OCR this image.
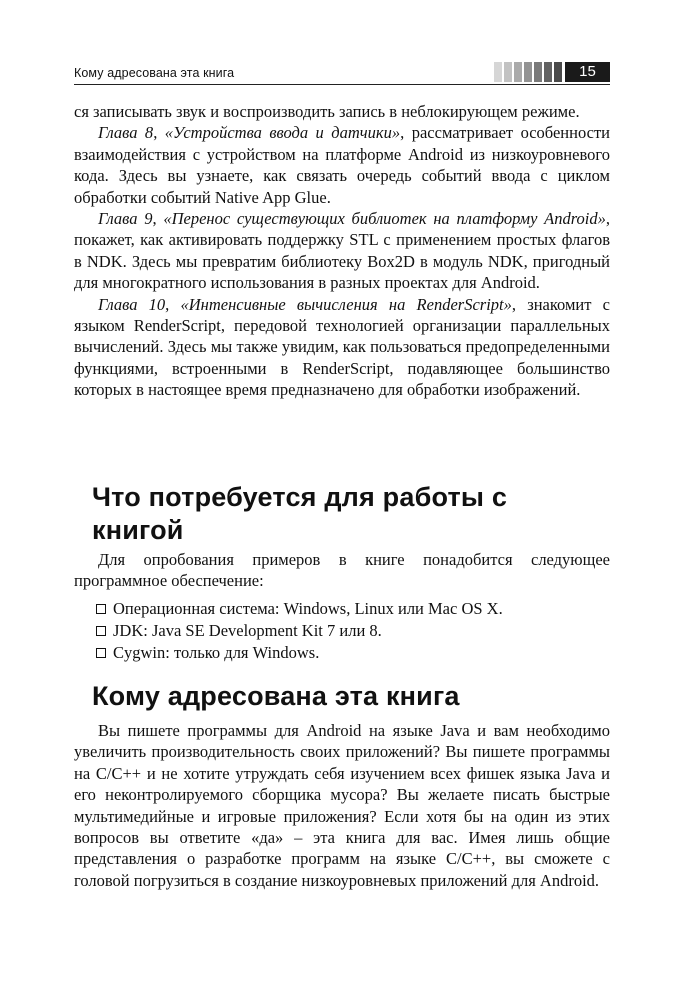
Кому адресована эта книга	15

ся записывать звук и воспроизводить запись в неблокирующем режиме.

Глава 8, «Устройства ввода и датчики», рассматривает особенности взаимодействия с устройством на платформе Android из низкоуровневого кода. Здесь вы узнаете, как связать очередь событий ввода с циклом обработки событий Native App Glue.

Глава 9, «Перенос существующих библиотек на платформу Android», покажет, как активировать поддержку STL с применением простых флагов в NDK. Здесь мы превратим библиотеку Box2D в модуль NDK, пригодный для многократного использования в разных проектах для Android.

Глава 10, «Интенсивные вычисления на RenderScript», знакомит с языком RenderScript, передовой технологией организации параллельных вычислений. Здесь мы также увидим, как пользоваться предопределенными функциями, встроенными в RenderScript, подавляющее большинство которых в настоящее время предназначено для обработки изображений.

Что потребуется для работы с книгой

Для опробования примеров в книге понадобится следующее программное обеспечение:

Операционная система: Windows, Linux или Mac OS X.
JDK: Java SE Development Kit 7 или 8.
Cygwin: только для Windows.
Кому адресована эта книга

Вы пишете программы для Android на языке Java и вам необходимо увеличить производительность своих приложений? Вы пишете программы на C/C++ и не хотите утруждать себя изучением всех фишек языка Java и его неконтролируемого сборщика мусора? Вы желаете писать быстрые мультимедийные и игровые приложения? Если хотя бы на один из этих вопросов вы ответите «да» – эта книга для вас. Имея лишь общие представления о разработке программ на языке C/C++, вы сможете с головой погрузиться в создание низкоуровневых приложений для Android.
